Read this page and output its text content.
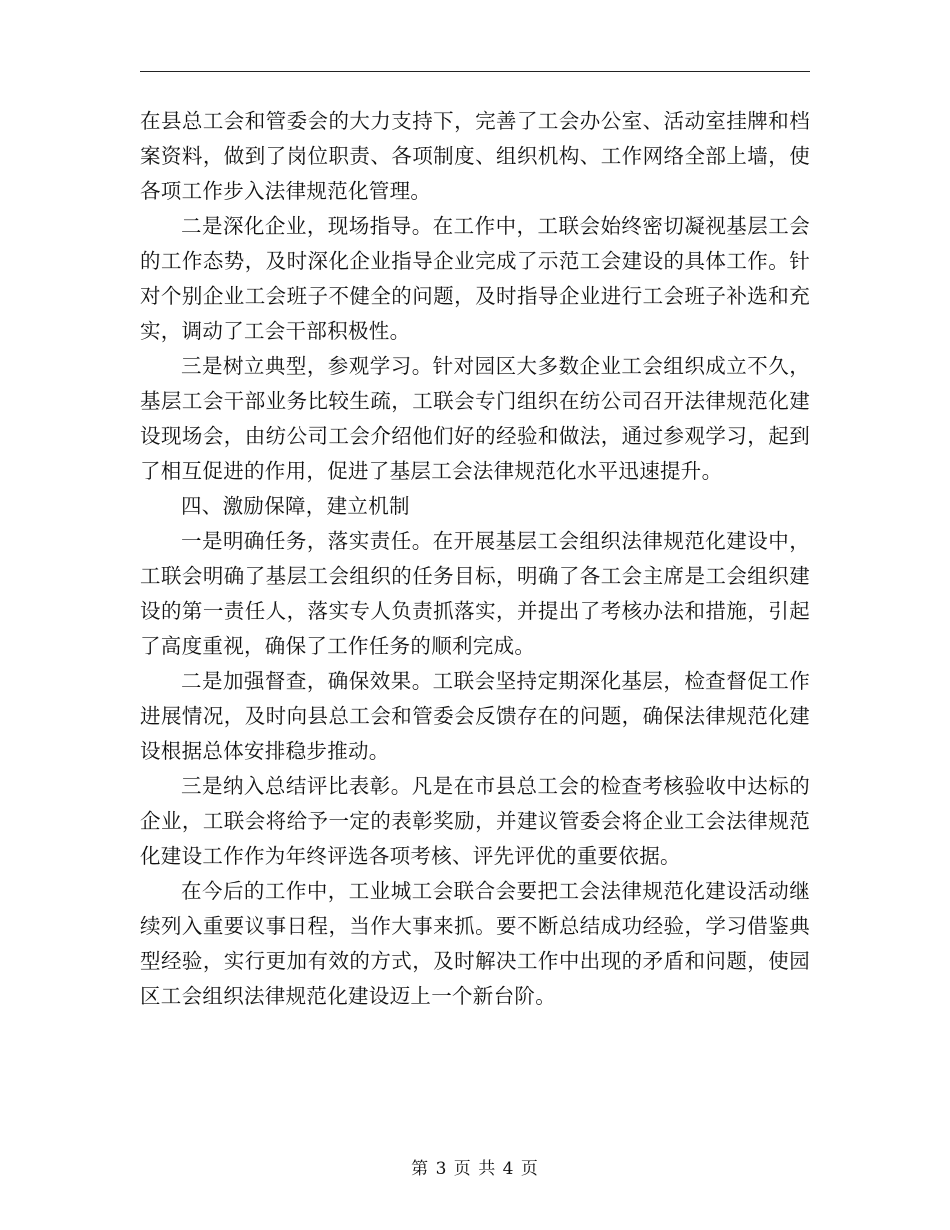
在县总工会和管委会的大力支持下，完善了工会办公室、活动室挂牌和档案资料，做到了岗位职责、各项制度、组织机构、工作网络全部上墙，使各项工作步入法律规范化管理。

二是深化企业，现场指导。在工作中，工联会始终密切凝视基层工会的工作态势，及时深化企业指导企业完成了示范工会建设的具体工作。针对个别企业工会班子不健全的问题，及时指导企业进行工会班子补选和充实，调动了工会干部积极性。

三是树立典型，参观学习。针对园区大多数企业工会组织成立不久，基层工会干部业务比较生疏，工联会专门组织在纺公司召开法律规范化建设现场会，由纺公司工会介绍他们好的经验和做法，通过参观学习，起到了相互促进的作用，促进了基层工会法律规范化水平迅速提升。

四、激励保障，建立机制

一是明确任务，落实责任。在开展基层工会组织法律规范化建设中，工联会明确了基层工会组织的任务目标，明确了各工会主席是工会组织建设的第一责任人，落实专人负责抓落实，并提出了考核办法和措施，引起了高度重视，确保了工作任务的顺利完成。

二是加强督查，确保效果。工联会坚持定期深化基层，检查督促工作进展情况，及时向县总工会和管委会反馈存在的问题，确保法律规范化建设根据总体安排稳步推动。

三是纳入总结评比表彰。凡是在市县总工会的检查考核验收中达标的企业，工联会将给予一定的表彰奖励，并建议管委会将企业工会法律规范化建设工作作为年终评选各项考核、评先评优的重要依据。

在今后的工作中，工业城工会联合会要把工会法律规范化建设活动继续列入重要议事日程，当作大事来抓。要不断总结成功经验，学习借鉴典型经验，实行更加有效的方式，及时解决工作中出现的矛盾和问题，使园区工会组织法律规范化建设迈上一个新台阶。

第 3 页 共 4 页
